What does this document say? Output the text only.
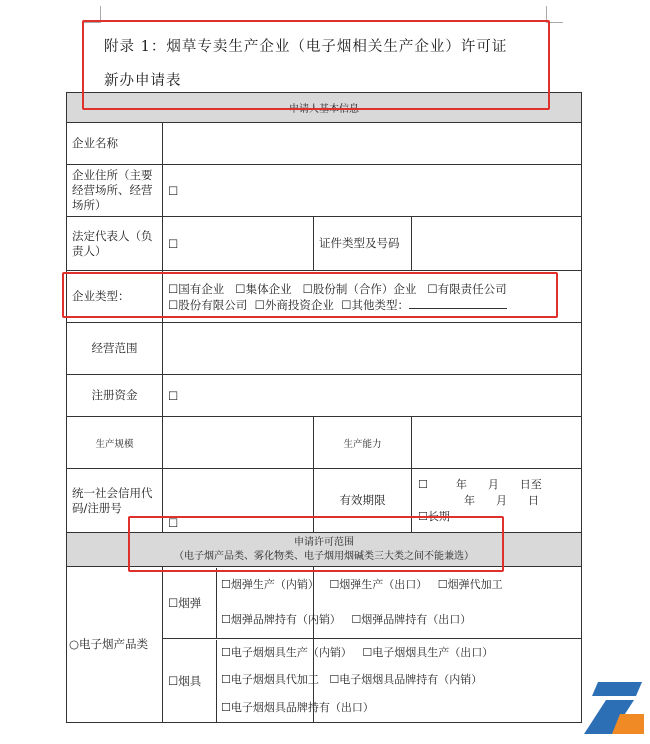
附录 1：烟草专卖生产企业（电子烟相关生产企业）许可证
新办申请表
申请人基本信息			
企业名称			
企业住所（主要经营场所、经营场所）	☐		
法定代表人（负责人）	☐	证件类型及号码	
企业类型：	☐国有企业 ☐集体企业 ☐股份制（合作）企业 ☐有限责任公司
☐股份有限公司 ☐外商投资企业 ☐其他类型：		

经营范围			
注册资金	☐		
生产规模		生产能力	
统一社会信用代码/注册号	☐	有效期限	☐        年      月      日至
年      月      日
☐长期

申请许可范围
（电子烟产品类、雾化物类、电子烟用烟碱类三大类之间不能兼选）			

○电子烟产品类	☐烟弹	☐烟弹生产（内销） ☐烟弹生产（出口） ☐烟弹代加工
☐烟弹品牌持有（内销） ☐烟弹品牌持有（出口）	

	☐烟具	☐电子烟烟具生产（内销） ☐电子烟烟具生产（出口）
☐电子烟烟具代加工 ☐电子烟烟具品牌持有（内销）
☐电子烟烟具品牌持有（出口）	
